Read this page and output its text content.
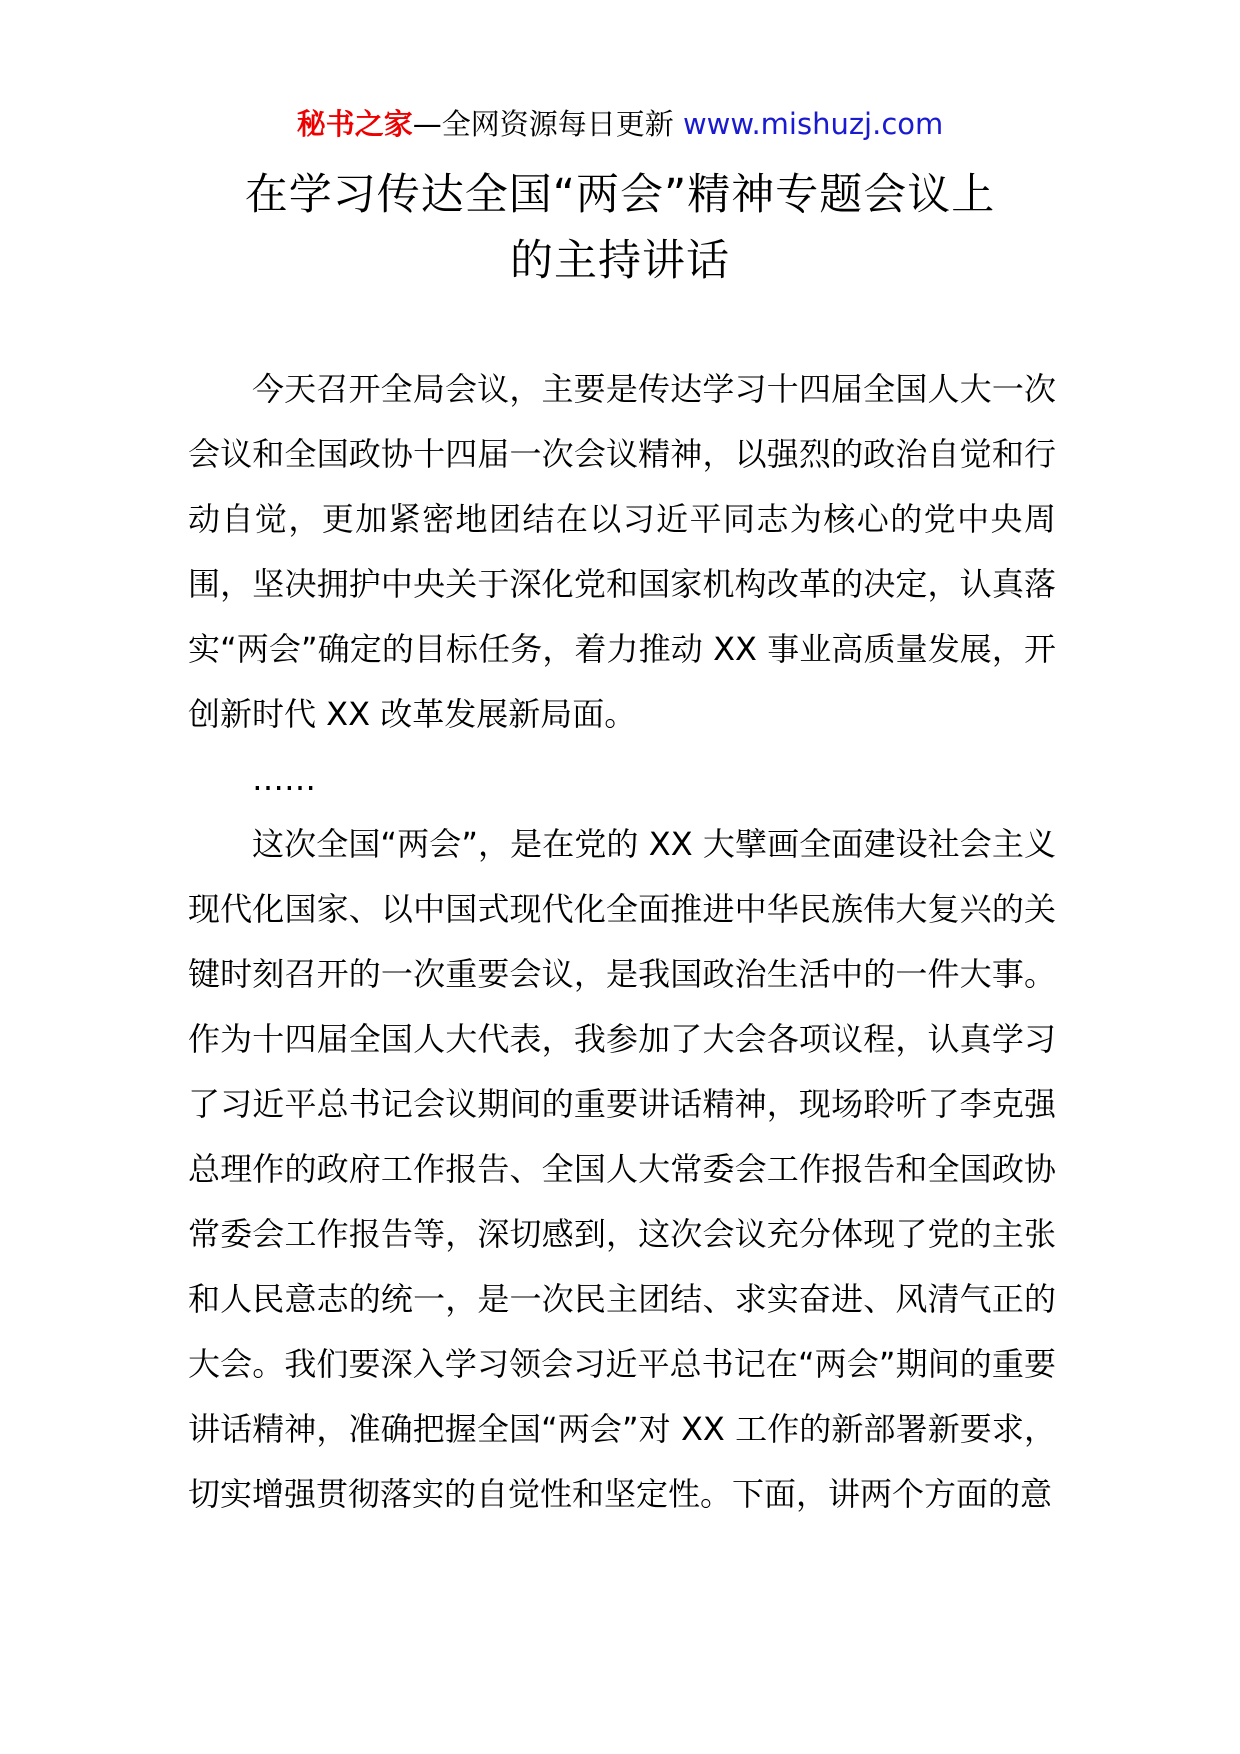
秘书之家—全网资源每日更新 www.mishuzj.com
在学习传达全国“两会”精神专题会议上
的主持讲话

今天召开全局会议，主要是传达学习十四届全国人大一次会议和全国政协十四届一次会议精神，以强烈的政治自觉和行动自觉，更加紧密地团结在以习近平同志为核心的党中央周围，坚决拥护中央关于深化党和国家机构改革的决定，认真落实“两会”确定的目标任务，着力推动 XX 事业高质量发展，开创新时代 XX 改革发展新局面。

……

这次全国“两会”，是在党的 XX 大擘画全面建设社会主义现代化国家、以中国式现代化全面推进中华民族伟大复兴的关键时刻召开的一次重要会议，是我国政治生活中的一件大事。作为十四届全国人大代表，我参加了大会各项议程，认真学习了习近平总书记会议期间的重要讲话精神，现场聆听了李克强总理作的政府工作报告、全国人大常委会工作报告和全国政协常委会工作报告等，深切感到，这次会议充分体现了党的主张和人民意志的统一，是一次民主团结、求实奋进、风清气正的大会。我们要深入学习领会习近平总书记在“两会”期间的重要讲话精神，准确把握全国“两会”对 XX 工作的新部署新要求，切实增强贯彻落实的自觉性和坚定性。下面，讲两个方面的意
